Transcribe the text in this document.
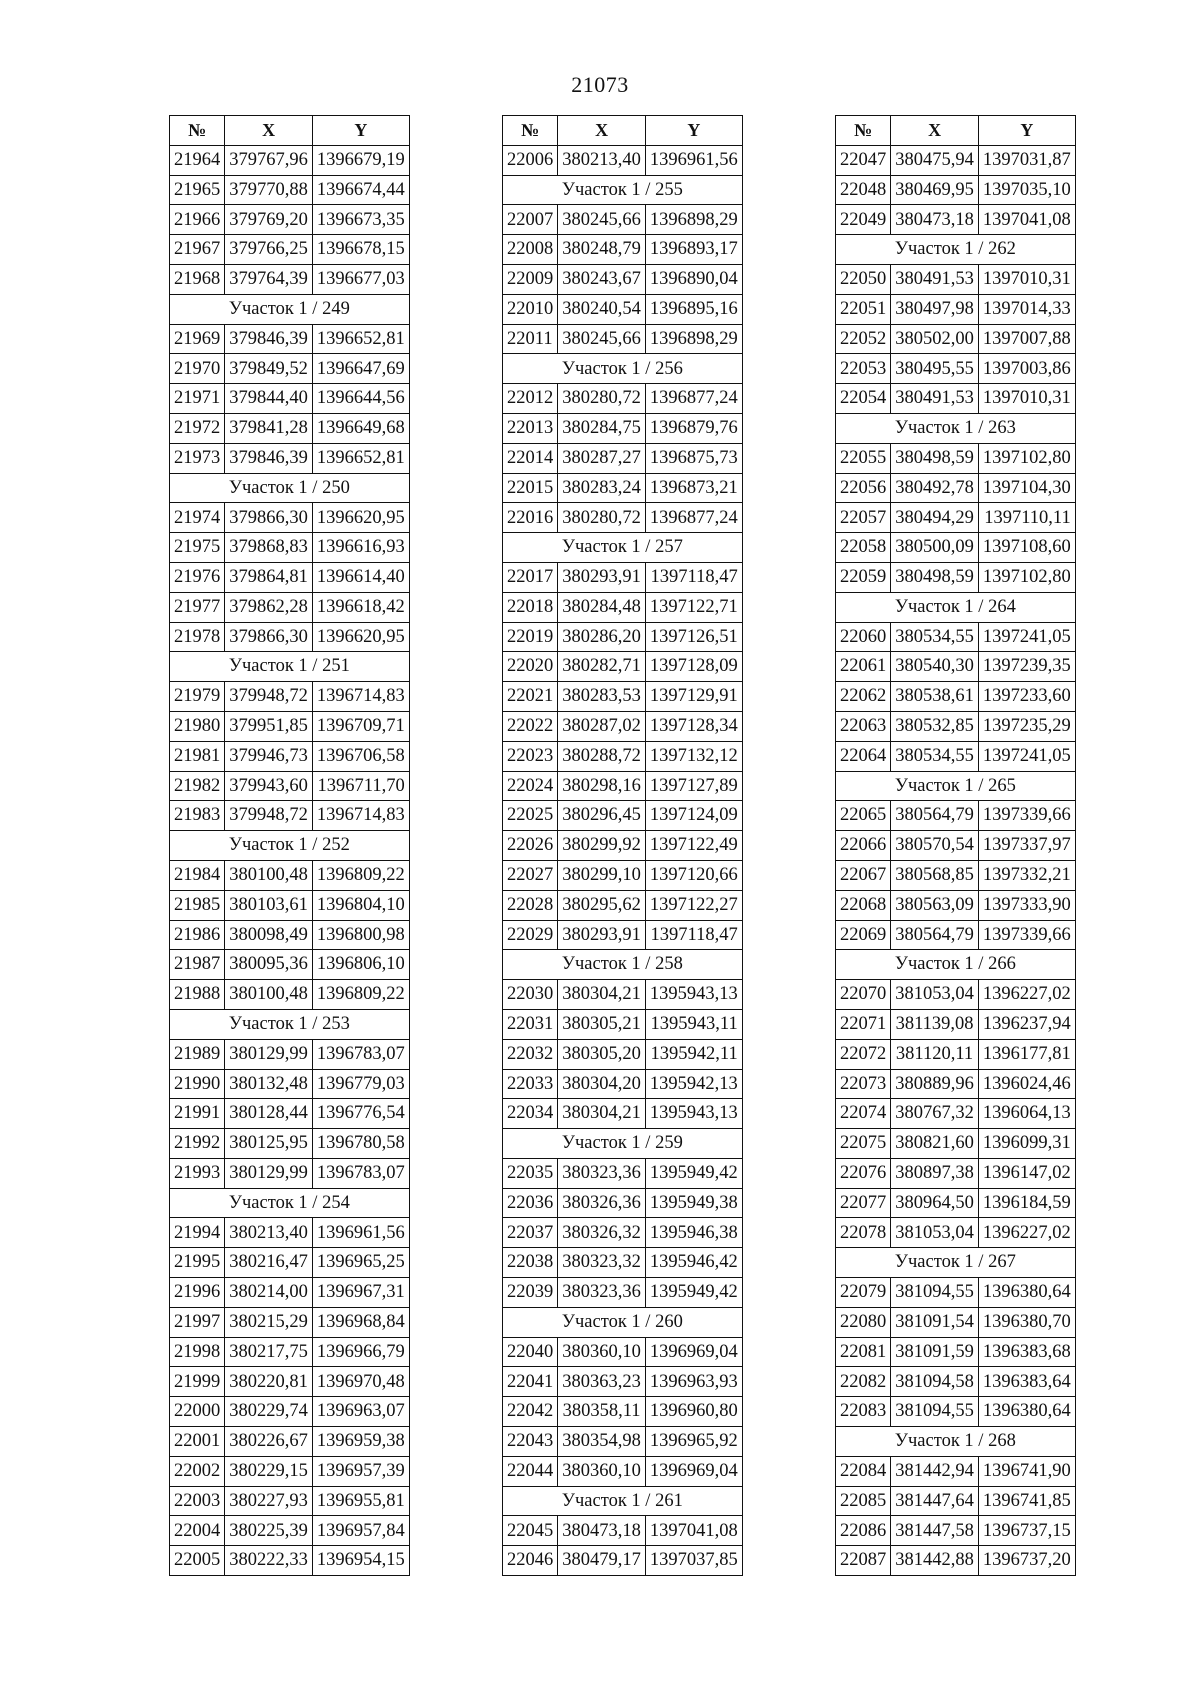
21073
№	X	Y
21964	379767,96	1396679,19
21965	379770,88	1396674,44
21966	379769,20	1396673,35
21967	379766,25	1396678,15
21968	379764,39	1396677,03
Участок 1 / 249		
21969	379846,39	1396652,81
21970	379849,52	1396647,69
21971	379844,40	1396644,56
21972	379841,28	1396649,68
21973	379846,39	1396652,81
Участок 1 / 250		
21974	379866,30	1396620,95
21975	379868,83	1396616,93
21976	379864,81	1396614,40
21977	379862,28	1396618,42
21978	379866,30	1396620,95
Участок 1 / 251		
21979	379948,72	1396714,83
21980	379951,85	1396709,71
21981	379946,73	1396706,58
21982	379943,60	1396711,70
21983	379948,72	1396714,83
Участок 1 / 252		
21984	380100,48	1396809,22
21985	380103,61	1396804,10
21986	380098,49	1396800,98
21987	380095,36	1396806,10
21988	380100,48	1396809,22
Участок 1 / 253		
21989	380129,99	1396783,07
21990	380132,48	1396779,03
21991	380128,44	1396776,54
21992	380125,95	1396780,58
21993	380129,99	1396783,07
Участок 1 / 254		
21994	380213,40	1396961,56
21995	380216,47	1396965,25
21996	380214,00	1396967,31
21997	380215,29	1396968,84
21998	380217,75	1396966,79
21999	380220,81	1396970,48
22000	380229,74	1396963,07
22001	380226,67	1396959,38
22002	380229,15	1396957,39
22003	380227,93	1396955,81
22004	380225,39	1396957,84
22005	380222,33	1396954,15
№	X	Y
22006	380213,40	1396961,56
Участок 1 / 255		
22007	380245,66	1396898,29
22008	380248,79	1396893,17
22009	380243,67	1396890,04
22010	380240,54	1396895,16
22011	380245,66	1396898,29
Участок 1 / 256		
22012	380280,72	1396877,24
22013	380284,75	1396879,76
22014	380287,27	1396875,73
22015	380283,24	1396873,21
22016	380280,72	1396877,24
Участок 1 / 257		
22017	380293,91	1397118,47
22018	380284,48	1397122,71
22019	380286,20	1397126,51
22020	380282,71	1397128,09
22021	380283,53	1397129,91
22022	380287,02	1397128,34
22023	380288,72	1397132,12
22024	380298,16	1397127,89
22025	380296,45	1397124,09
22026	380299,92	1397122,49
22027	380299,10	1397120,66
22028	380295,62	1397122,27
22029	380293,91	1397118,47
Участок 1 / 258		
22030	380304,21	1395943,13
22031	380305,21	1395943,11
22032	380305,20	1395942,11
22033	380304,20	1395942,13
22034	380304,21	1395943,13
Участок 1 / 259		
22035	380323,36	1395949,42
22036	380326,36	1395949,38
22037	380326,32	1395946,38
22038	380323,32	1395946,42
22039	380323,36	1395949,42
Участок 1 / 260		
22040	380360,10	1396969,04
22041	380363,23	1396963,93
22042	380358,11	1396960,80
22043	380354,98	1396965,92
22044	380360,10	1396969,04
Участок 1 / 261		
22045	380473,18	1397041,08
22046	380479,17	1397037,85
№	X	Y
22047	380475,94	1397031,87
22048	380469,95	1397035,10
22049	380473,18	1397041,08
Участок 1 / 262		
22050	380491,53	1397010,31
22051	380497,98	1397014,33
22052	380502,00	1397007,88
22053	380495,55	1397003,86
22054	380491,53	1397010,31
Участок 1 / 263		
22055	380498,59	1397102,80
22056	380492,78	1397104,30
22057	380494,29	1397110,11
22058	380500,09	1397108,60
22059	380498,59	1397102,80
Участок 1 / 264		
22060	380534,55	1397241,05
22061	380540,30	1397239,35
22062	380538,61	1397233,60
22063	380532,85	1397235,29
22064	380534,55	1397241,05
Участок 1 / 265		
22065	380564,79	1397339,66
22066	380570,54	1397337,97
22067	380568,85	1397332,21
22068	380563,09	1397333,90
22069	380564,79	1397339,66
Участок 1 / 266		
22070	381053,04	1396227,02
22071	381139,08	1396237,94
22072	381120,11	1396177,81
22073	380889,96	1396024,46
22074	380767,32	1396064,13
22075	380821,60	1396099,31
22076	380897,38	1396147,02
22077	380964,50	1396184,59
22078	381053,04	1396227,02
Участок 1 / 267		
22079	381094,55	1396380,64
22080	381091,54	1396380,70
22081	381091,59	1396383,68
22082	381094,58	1396383,64
22083	381094,55	1396380,64
Участок 1 / 268		
22084	381442,94	1396741,90
22085	381447,64	1396741,85
22086	381447,58	1396737,15
22087	381442,88	1396737,20
